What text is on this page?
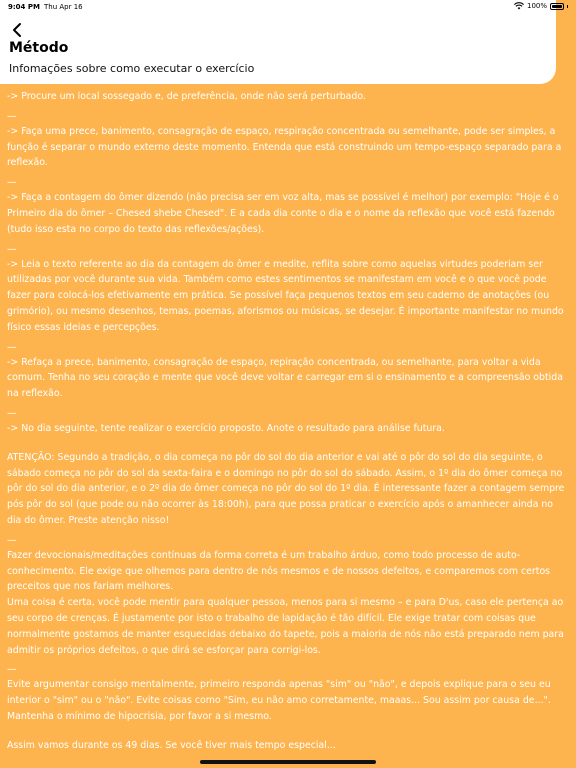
9:04 PM Thu Apr 16	100%
Método
Infomações sobre como executar o exercício

-> Procure um local sossegado e, de preferência, onde não será perturbado.

—

-> Faça uma prece, banimento, consagração de espaço, respiração concentrada ou semelhante, pode ser simples, a função é separar o mundo externo deste momento. Entenda que está construindo um tempo-espaço separado para a reflexão.

—

-> Faça a contagem do ômer dizendo (não precisa ser em voz alta, mas se possível é melhor) por exemplo: "Hoje é o Primeiro dia do ômer – Chesed shebe Chesed". E a cada dia conte o dia e o nome da reflexão que você está fazendo (tudo isso esta no corpo do texto das reflexões/ações).

—

-> Leia o texto referente ao dia da contagem do ômer e medite, reflita sobre como aquelas virtudes poderiam ser utilizadas por você durante sua vida. Também como estes sentimentos se manifestam em você e o que você pode fazer para colocá-los efetivamente em prática. Se possível faça pequenos textos em seu caderno de anotações (ou grimório), ou mesmo desenhos, temas, poemas, aforismos ou músicas, se desejar. É importante manifestar no mundo físico essas ideias e percepções.

—

-> Refaça a prece, banimento, consagração de espaço, repiração concentrada, ou semelhante, para voltar a vida comum. Tenha no seu coração e mente que você deve voltar e carregar em si o ensinamento e a compreensão obtida na reflexão.

—

-> No dia seguinte, tente realizar o exercício proposto. Anote o resultado para análise futura.

ATENÇÃO: Segundo a tradição, o dia começa no pôr do sol do dia anterior e vai até o pôr do sol do dia seguinte, o sábado começa no pôr do sol da sexta-faira e o domingo no pôr do sol do sábado. Assim, o 1º dia do ômer começa no pôr do sol do dia anterior, e o 2º dia do ômer começa no pôr do sol do 1º dia. É interessante fazer a contagem sempre pós pôr do sol (que pode ou não ocorrer às 18:00h), para que possa praticar o exercício após o amanhecer ainda no dia do ômer. Preste atenção nisso!

—

Fazer devocionais/meditações contínuas da forma correta é um trabalho árduo, como todo processo de auto-conhecimento. Ele exige que olhemos para dentro de nós mesmos e de nossos defeitos, e comparemos com certos preceitos que nos fariam melhores.

Uma coisa é certa, você pode mentir para qualquer pessoa, menos para si mesmo – e para D'us, caso ele pertença ao seu corpo de crenças. É justamente por isto o trabalho de lapidação é tão difícil. Ele exige tratar com coisas que normalmente gostamos de manter esquecidas debaixo do tapete, pois a maioria de nós não está preparado nem para admitir os próprios defeitos, o que dirá se esforçar para corrigi-los.

—

Evite argumentar consigo mentalmente, primeiro responda apenas "sim" ou "não", e depois explique para o seu eu interior o "sim" ou o "não". Evite coisas como "Sim, eu não amo corretamente, maaas... Sou assim por causa de...". Mantenha o mínimo de hipocrisia, por favor a si mesmo.

Assim vamos durante os 49 dias. Se você tiver mais tempo especial...
